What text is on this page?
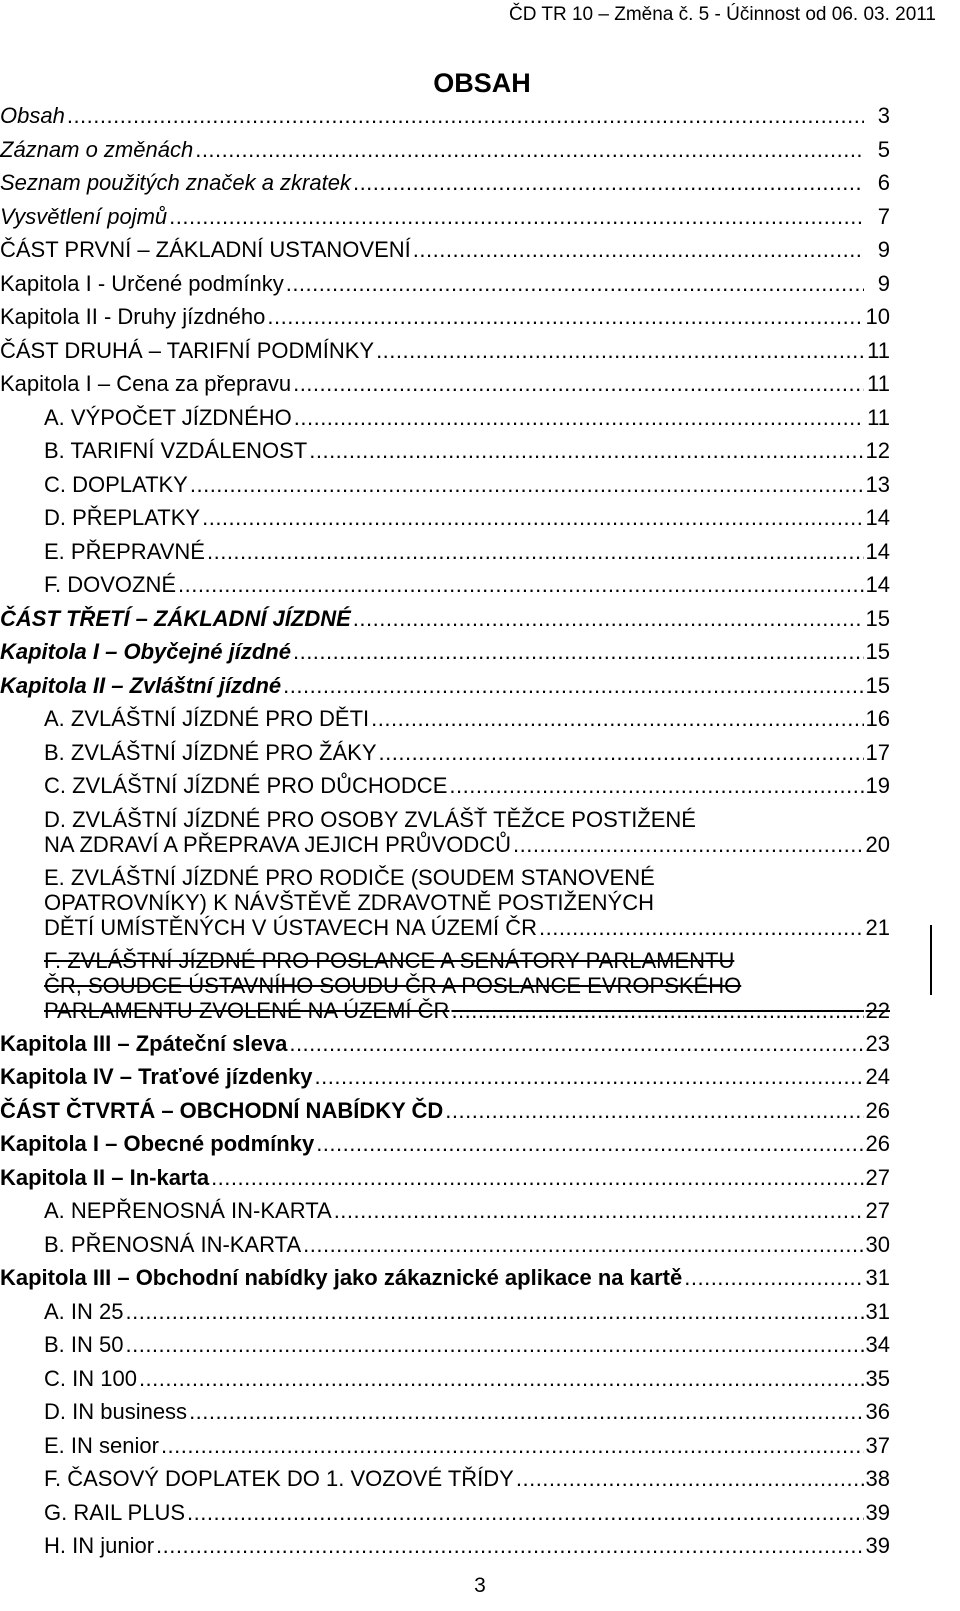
ČD TR 10 – Změna č. 5 - Účinnost od 06. 03. 2011
OBSAH
Obsah .....	3
Záznam o změnách .....	5
Seznam použitých značek a zkratek .....	6
Vysvětlení pojmů .....	7
ČÁST PRVNÍ – ZÁKLADNÍ USTANOVENÍ .....	9
Kapitola I - Určené podmínky .....	9
Kapitola II - Druhy jízdného .....	10
ČÁST DRUHÁ – TARIFNÍ PODMÍNKY .....	11
Kapitola I – Cena za přepravu .....	11
A. VÝPOČET JÍZDNÉHO .....	11
B. TARIFNÍ VZDÁLENOST .....	12
C. DOPLATKY .....	13
D. PŘEPLATKY .....	14
E. PŘEPRAVNÉ .....	14
F. DOVOZNÉ .....	14
ČÁST TŘETÍ – ZÁKLADNÍ JÍZDNÉ .....	15
Kapitola I – Obyčejné jízdné .....	15
Kapitola II – Zvláštní jízdné .....	15
A. ZVLÁŠTNÍ JÍZDNÉ PRO DĚTI .....	16
B. ZVLÁŠTNÍ JÍZDNÉ PRO ŽÁKY .....	17
C. ZVLÁŠTNÍ JÍZDNÉ PRO DŮCHODCE .....	19
D. ZVLÁŠTNÍ JÍZDNÉ PRO OSOBY ZVLÁŠŤ TĚŽCE POSTIŽENÉ
NA ZDRAVÍ A PŘEPRAVA JEJICH PRŮVODCŮ .....	20
E. ZVLÁŠTNÍ JÍZDNÉ PRO RODIČE (SOUDEM STANOVENÉ
OPATROVNÍKY) K NÁVŠTĚVĚ ZDRAVOTNĚ POSTIŽENÝCH
DĚTÍ UMÍSTĚNÝCH V ÚSTAVECH NA ÚZEMÍ ČR .....	21
F. ZVLÁŠTNÍ JÍZDNÉ PRO POSLANCE A SENÁTORY PARLAMENTU
ČR, SOUDCE ÚSTAVNÍHO SOUDU ČR A POSLANCE EVROPSKÉHO
PARLAMENTU ZVOLENÉ NA ÚZEMÍ ČR .....	22
Kapitola III – Zpáteční sleva .....	23
Kapitola IV – Traťové jízdenky .....	24
ČÁST ČTVRTÁ – OBCHODNÍ NABÍDKY ČD .....	26
Kapitola I – Obecné podmínky .....	26
Kapitola II – In-karta .....	27
A. NEPŘENOSNÁ IN-KARTA .....	27
B. PŘENOSNÁ IN-KARTA .....	30
Kapitola III – Obchodní nabídky jako zákaznické aplikace na kartě .....	31
A. IN 25 .....	31
B. IN 50 .....	34
C. IN 100 .....	35
D. IN business .....	36
E. IN senior .....	37
F. ČASOVÝ DOPLATEK DO 1. VOZOVÉ TŘÍDY .....	38
G. RAIL PLUS .....	39
H. IN junior .....	39
3
